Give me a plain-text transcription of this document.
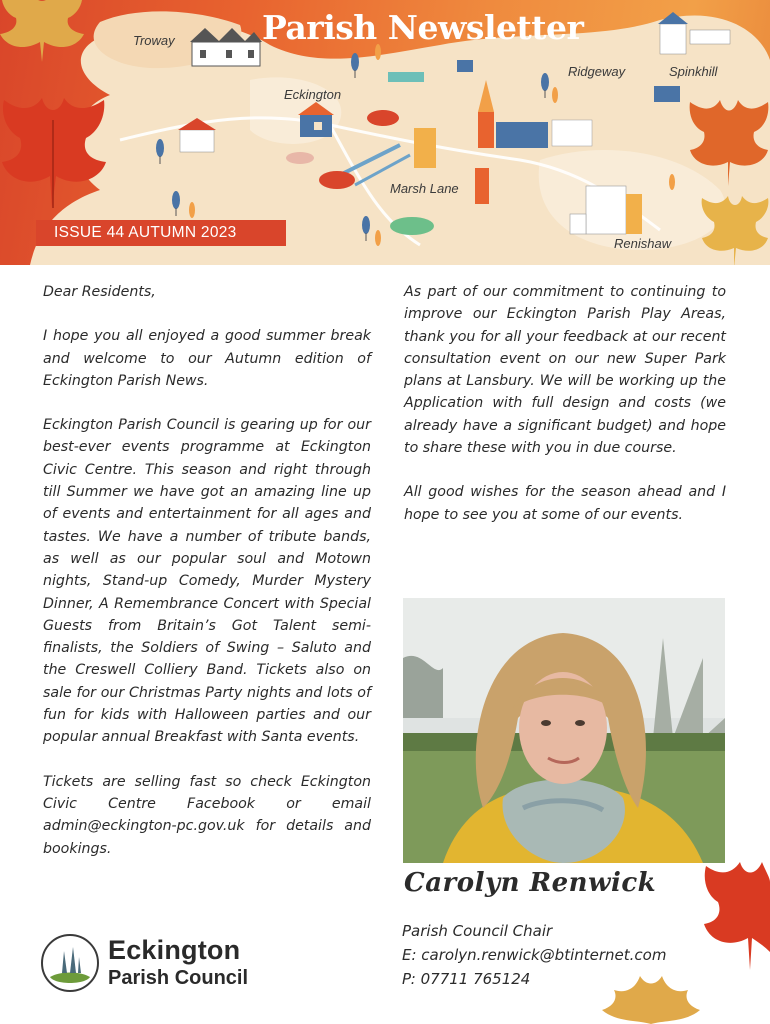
Parish Newsletter
Troway
Eckington
Ridgeway	Spinkhill
Marsh Lane
Renishaw
ISSUE 44 AUTUMN 2023

Dear Residents,

I hope you all enjoyed a good summer break and welcome to our Autumn edition of Eckington Parish News.

Eckington Parish Council is gearing up for our best-ever events programme at Eckington Civic Centre. This season and right through till Summer we have got an amazing line up of events and entertainment for all ages and tastes. We have a number of tribute bands, as well as our popular soul and Motown nights, Stand-up Comedy, Murder Mystery Dinner, A Remembrance Concert with Special Guests from Britain’s Got Talent semi-finalists, the Soldiers of Swing – Saluto and the Creswell Colliery Band. Tickets also on sale for our Christmas Party nights and lots of fun for kids with Halloween parties and our popular annual Breakfast with Santa events.

Tickets are selling fast so check Eckington Civic Centre Facebook or email admin@eckington-pc.gov.uk for details and bookings.

As part of our commitment to continuing to improve our Eckington Parish Play Areas, thank you for all your feedback at our recent consultation event on our new Super Park plans at Lansbury. We will be working up the Application with full design and costs (we already have a significant budget) and hope to share these with you in due course.

All good wishes for the season ahead and I hope to see you at some of our events.

Carolyn Renwick
Parish Council Chair
E: carolyn.renwick@btinternet.com
P: 07711 765124
Eckington
Parish Council
